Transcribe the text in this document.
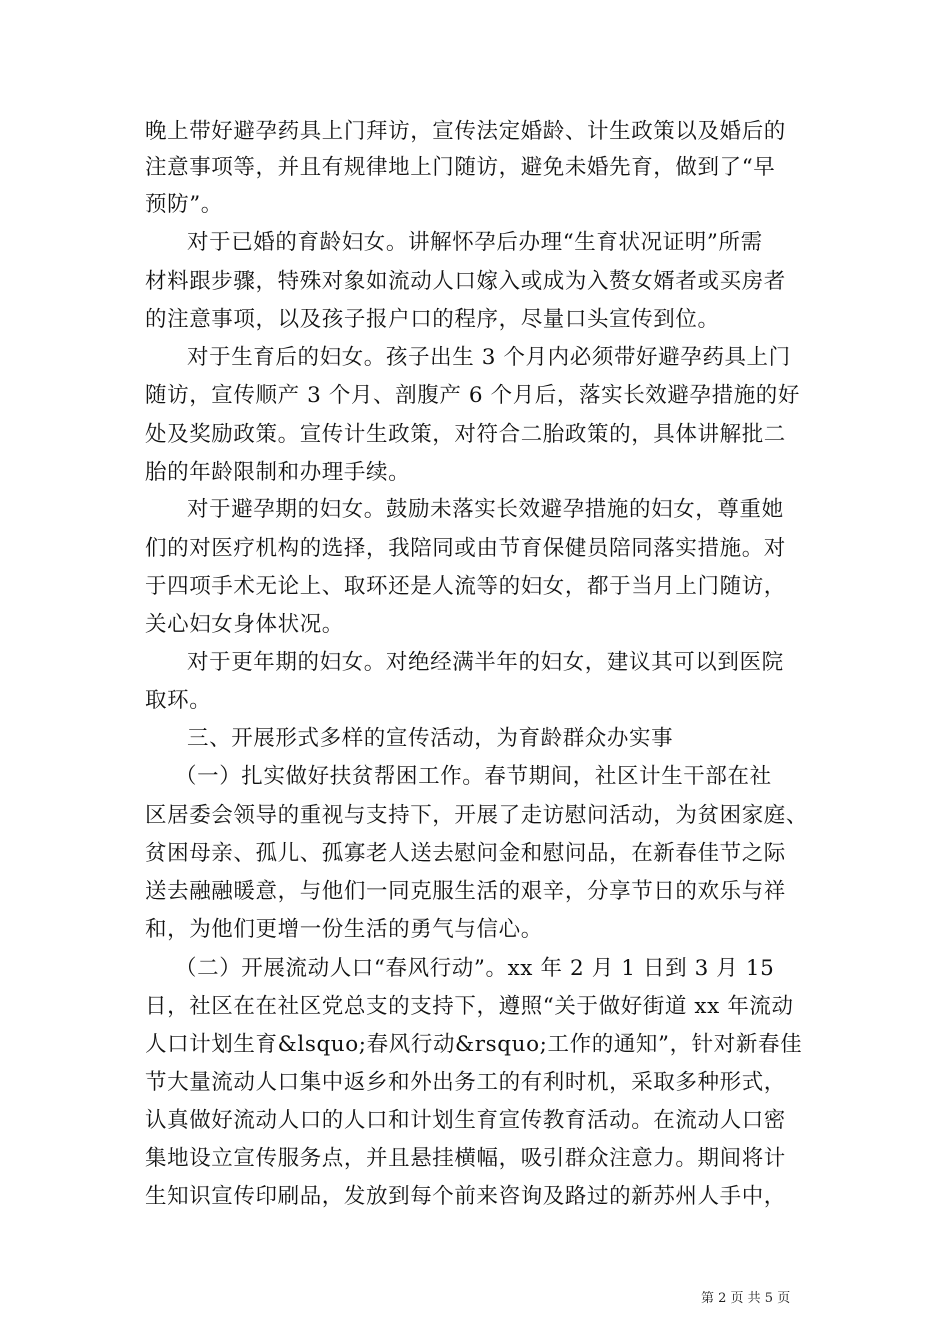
晚上带好避孕药具上门拜访，宣传法定婚龄、计生政策以及婚后的
注意事项等，并且有规律地上门随访，避免未婚先育，做到了“早
预防”。
对于已婚的育龄妇女。讲解怀孕后办理“生育状况证明”所需
材料跟步骤，特殊对象如流动人口嫁入或成为入赘女婿者或买房者
的注意事项，以及孩子报户口的程序，尽量口头宣传到位。
对于生育后的妇女。孩子出生 3 个月内必须带好避孕药具上门
随访，宣传顺产 3 个月、剖腹产 6 个月后，落实长效避孕措施的好
处及奖励政策。宣传计生政策，对符合二胎政策的，具体讲解批二
胎的年龄限制和办理手续。
对于避孕期的妇女。鼓励未落实长效避孕措施的妇女，尊重她
们的对医疗机构的选择，我陪同或由节育保健员陪同落实措施。对
于四项手术无论上、取环还是人流等的妇女，都于当月上门随访，
关心妇女身体状况。
对于更年期的妇女。对绝经满半年的妇女，建议其可以到医院
取环。
三、开展形式多样的宣传活动，为育龄群众办实事
（一）扎实做好扶贫帮困工作。春节期间，社区计生干部在社
区居委会领导的重视与支持下，开展了走访慰问活动，为贫困家庭、
贫困母亲、孤儿、孤寡老人送去慰问金和慰问品，在新春佳节之际
送去融融暖意，与他们一同克服生活的艰辛，分享节日的欢乐与祥
和，为他们更增一份生活的勇气与信心。
（二）开展流动人口“春风行动”。xx 年 2 月 1 日到 3 月 15
日，社区在在社区党总支的支持下，遵照“关于做好街道 xx 年流动
人口计划生育&lsquo;春风行动&rsquo;工作的通知”，针对新春佳
节大量流动人口集中返乡和外出务工的有利时机，采取多种形式，
认真做好流动人口的人口和计划生育宣传教育活动。在流动人口密
集地设立宣传服务点，并且悬挂横幅，吸引群众注意力。期间将计
生知识宣传印刷品，发放到每个前来咨询及路过的新苏州人手中，
第 2 页 共 5 页
